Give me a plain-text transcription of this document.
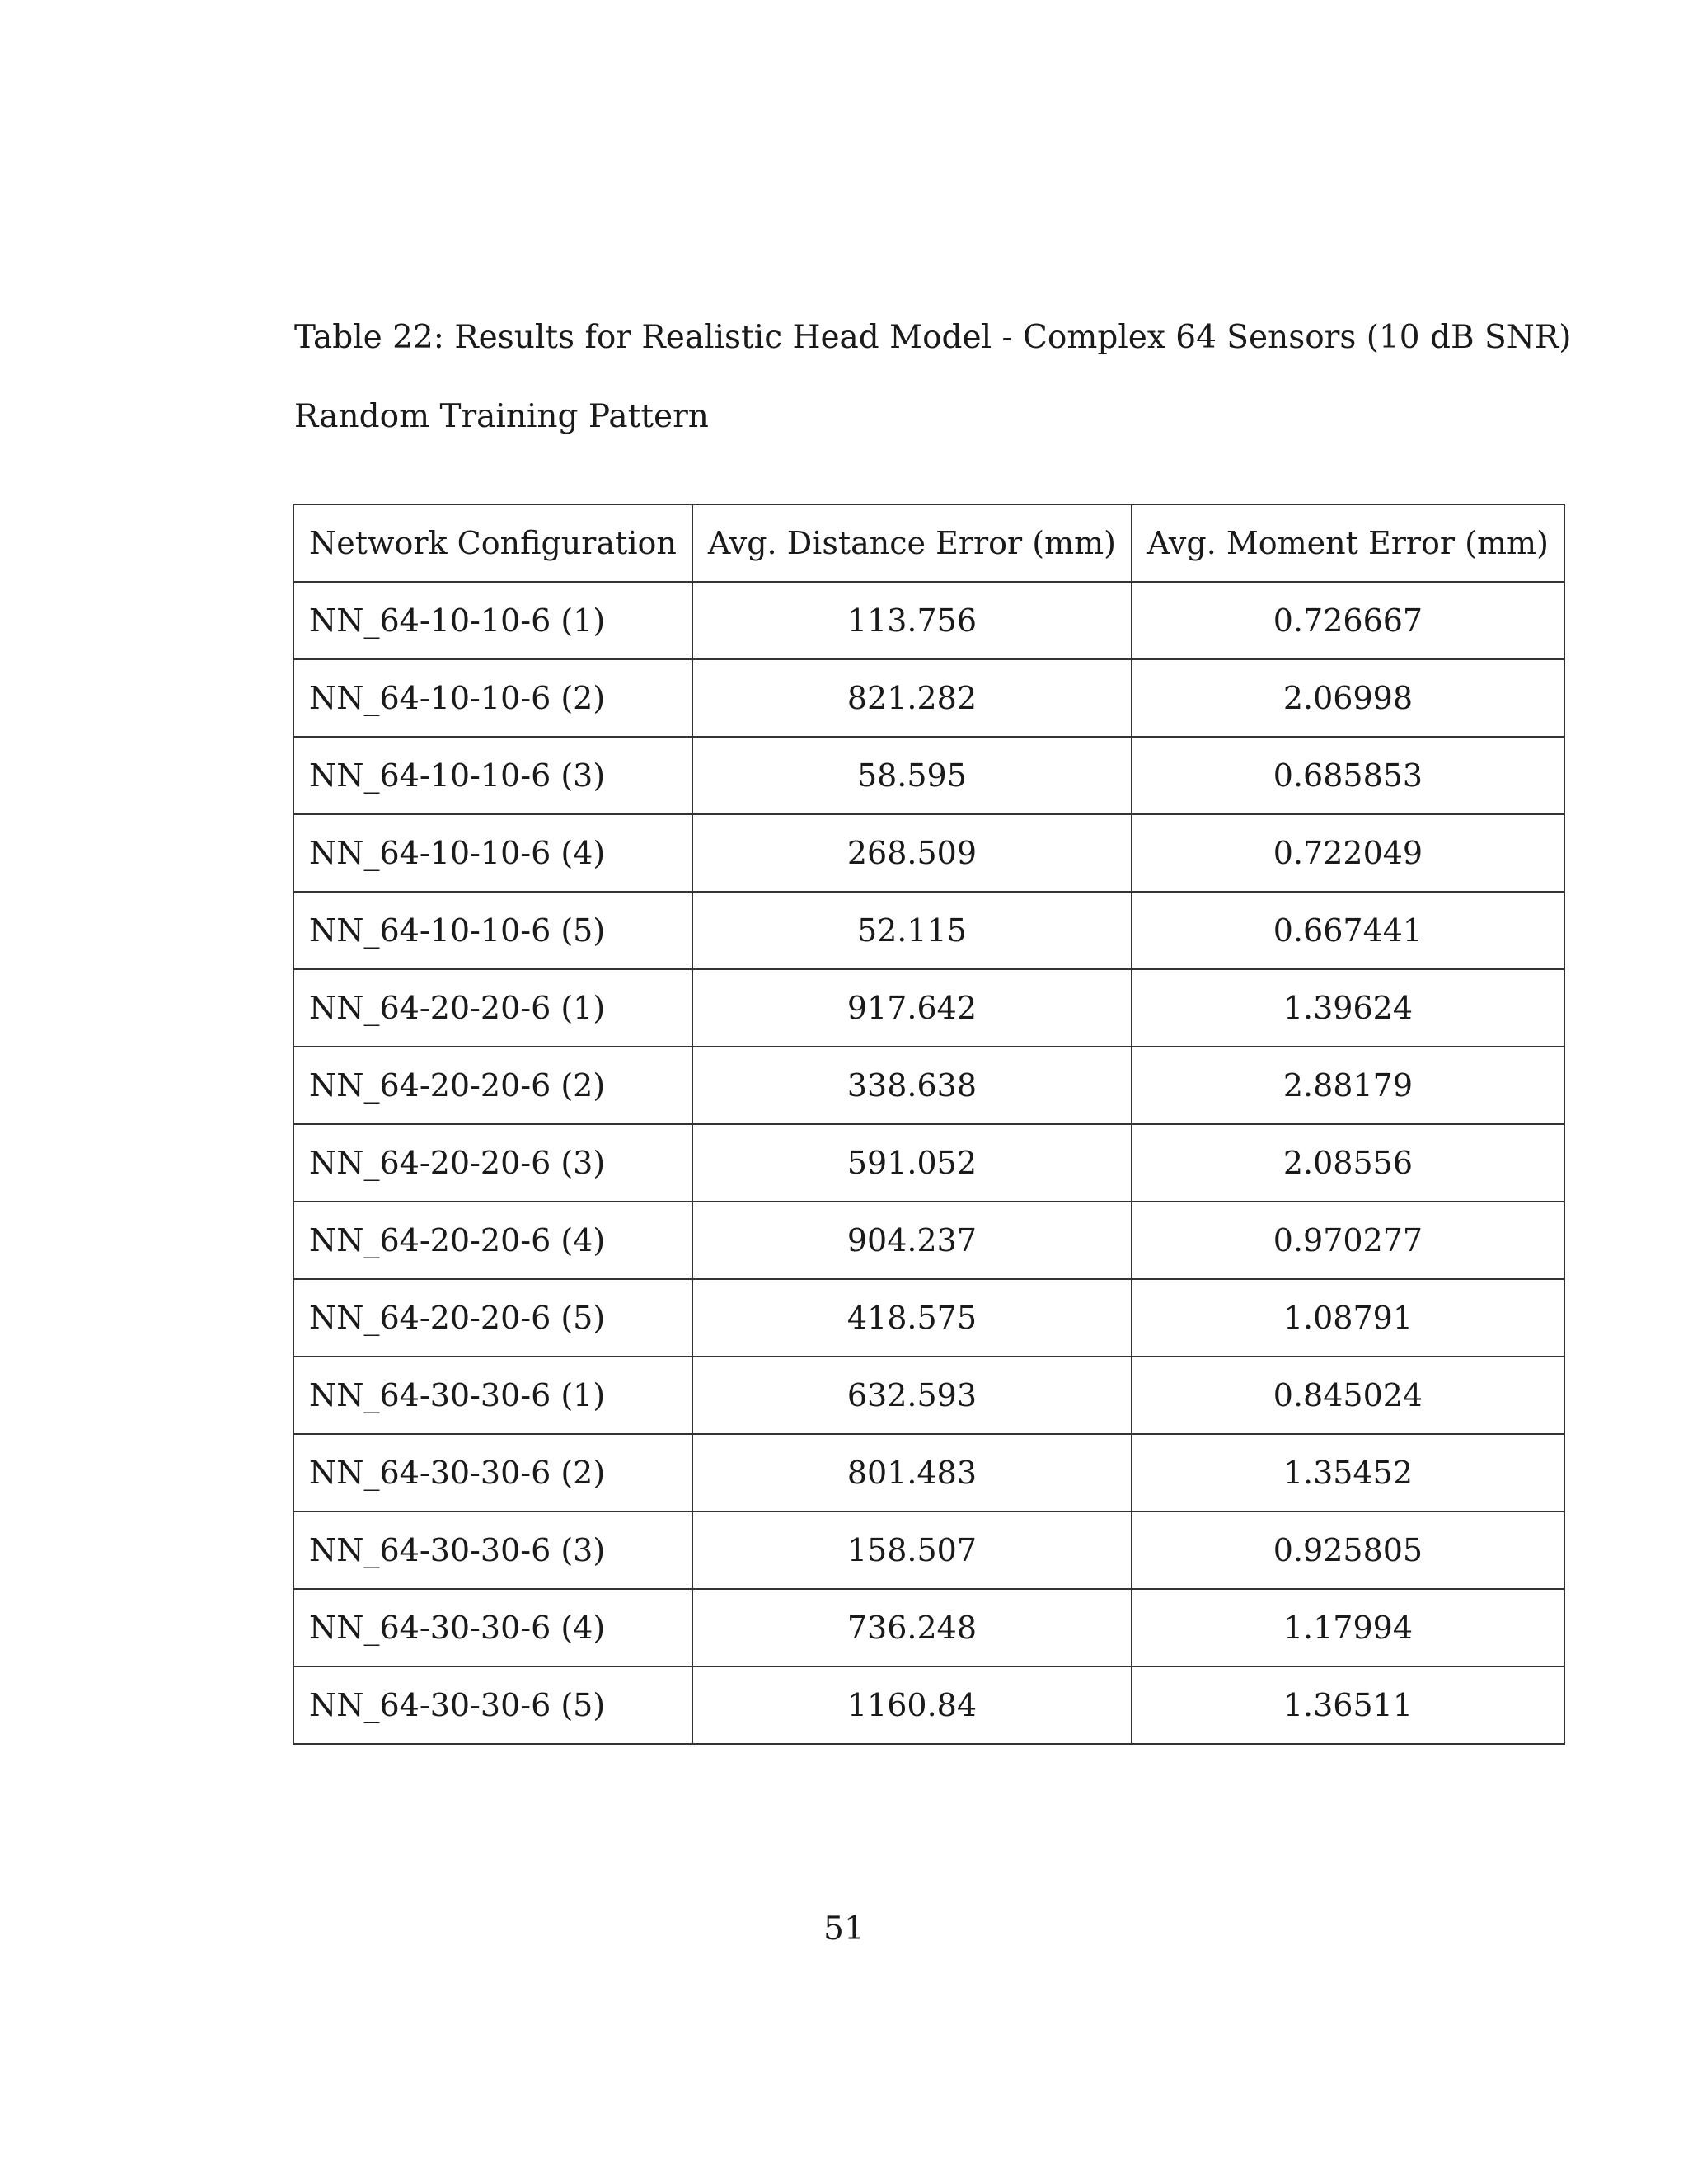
Table 22: Results for Realistic Head Model - Complex 64 Sensors (10 dB SNR)
Random Training Pattern
Network Configuration	Avg. Distance Error (mm)	Avg. Moment Error (mm)
NN_64-10-10-6 (1)	113.756	0.726667
NN_64-10-10-6 (2)	821.282	2.06998
NN_64-10-10-6 (3)	58.595	0.685853
NN_64-10-10-6 (4)	268.509	0.722049
NN_64-10-10-6 (5)	52.115	0.667441
NN_64-20-20-6 (1)	917.642	1.39624
NN_64-20-20-6 (2)	338.638	2.88179
NN_64-20-20-6 (3)	591.052	2.08556
NN_64-20-20-6 (4)	904.237	0.970277
NN_64-20-20-6 (5)	418.575	1.08791
NN_64-30-30-6 (1)	632.593	0.845024
NN_64-30-30-6 (2)	801.483	1.35452
NN_64-30-30-6 (3)	158.507	0.925805
NN_64-30-30-6 (4)	736.248	1.17994
NN_64-30-30-6 (5)	1160.84	1.36511
51
